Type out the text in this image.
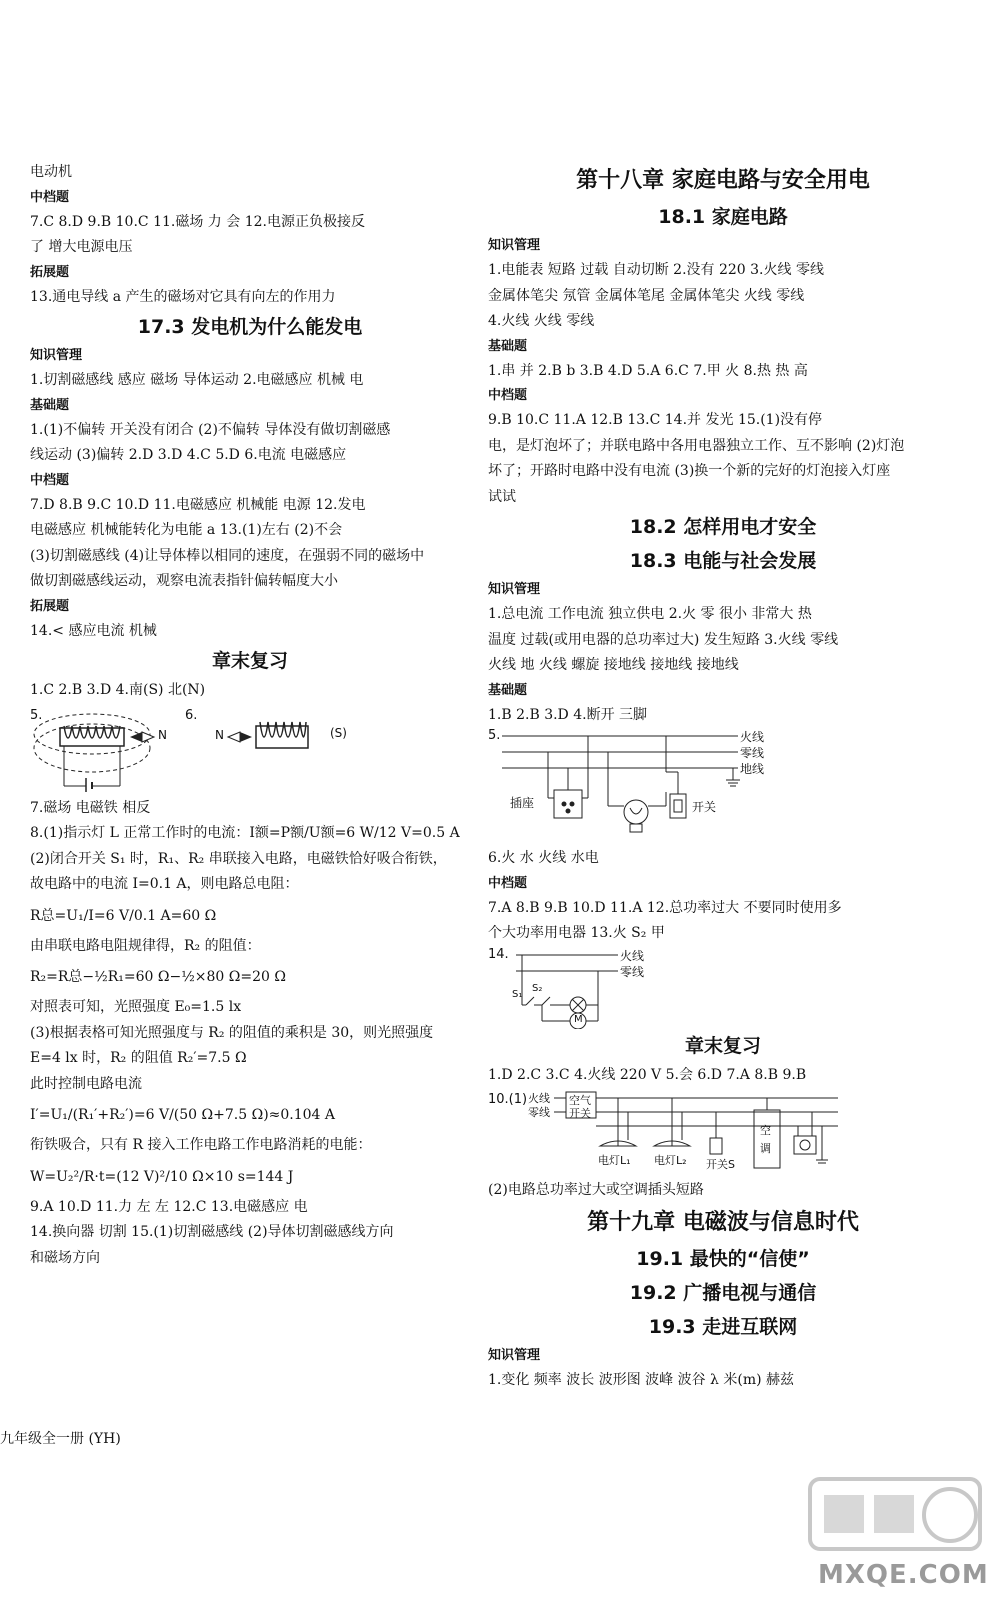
电动机
中档题
7.C 8.D 9.B 10.C 11.磁场 力 会 12.电源正负极接反
了 增大电源电压
拓展题
13.通电导线 a 产生的磁场对它具有向左的作用力
17.3 发电机为什么能发电
知识管理
1.切割磁感线 感应 磁场 导体运动 2.电磁感应 机械 电
基础题
1.(1)不偏转 开关没有闭合 (2)不偏转 导体没有做切割磁感
线运动 (3)偏转 2.D 3.D 4.C 5.D 6.电流 电磁感应
中档题
7.D 8.B 9.C 10.D 11.电磁感应 机械能 电源 12.发电
电磁感应 机械能转化为电能 a 13.(1)左右 (2)不会
(3)切割磁感线 (4)让导体棒以相同的速度，在强弱不同的磁场中
做切割磁感线运动，观察电流表指针偏转幅度大小
拓展题
14.< 感应电流 机械
章末复习
1.C 2.B 3.D 4.南(S) 北(N)
5.
N
6.
N	(S)
7.磁场 电磁铁 相反
8.(1)指示灯 L 正常工作时的电流：I额=P额/U额=6 W/12 V=0.5 A
(2)闭合开关 S₁ 时，R₁、R₂ 串联接入电路，电磁铁恰好吸合衔铁，
故电路中的电流 I=0.1 A，则电路总电阻：
R总=U₁/I=6 V/0.1 A=60 Ω
由串联电路电阻规律得，R₂ 的阻值：
R₂=R总−½R₁=60 Ω−½×80 Ω=20 Ω
对照表可知，光照强度 E₀=1.5 lx
(3)根据表格可知光照强度与 R₂ 的阻值的乘积是 30，则光照强度
E=4 lx 时，R₂ 的阻值 R₂′=7.5 Ω
此时控制电路电流
I′=U₁/(R₁′+R₂′)=6 V/(50 Ω+7.5 Ω)≈0.104 A
衔铁吸合，只有 R 接入工作电路工作电路消耗的电能：
W=U₂²/R·t=(12 V)²/10 Ω×10 s=144 J
9.A 10.D 11.力 左 左 12.C 13.电磁感应 电
14.换向器 切割 15.(1)切割磁感线 (2)导体切割磁感线方向
和磁场方向
第十八章 家庭电路与安全用电
18.1 家庭电路
知识管理
1.电能表 短路 过载 自动切断 2.没有 220 3.火线 零线
金属体笔尖 氖管 金属体笔尾 金属体笔尖 火线 零线
4.火线 火线 零线
基础题
1.串 并 2.B b 3.B 4.D 5.A 6.C 7.甲 火 8.热 热 高
中档题
9.B 10.C 11.A 12.B 13.C 14.并 发光 15.(1)没有停
电，是灯泡坏了；并联电路中各用电器独立工作、互不影响 (2)灯泡
坏了；开路时电路中没有电流 (3)换一个新的完好的灯泡接入灯座
试试
18.2 怎样用电才安全
18.3 电能与社会发展
知识管理
1.总电流 工作电流 独立供电 2.火 零 很小 非常大 热
温度 过载(或用电器的总功率过大) 发生短路 3.火线 零线
火线 地 火线 螺旋 接地线 接地线 接地线
基础题
1.B 2.B 3.D 4.断开 三脚
5.	火线
零线
地线
插座	开关
6.火 水 火线 水电
中档题
7.A 8.B 9.B 10.D 11.A 12.总功率过大 不要同时使用多
个大功率用电器 13.火 S₂ 甲
14.	火线
零线
S₁
S₂
M
章末复习
1.D 2.C 3.C 4.火线 220 V 5.会 6.D 7.A 8.B 9.B
10.(1) 火线
零线
空气
开关
电灯L₁ 电灯L₂ 开关S
空
调
(2)电路总功率过大或空调插头短路
第十九章 电磁波与信息时代
19.1 最快的“信使”
19.2 广播电视与通信
19.3 走进互联网
知识管理
1.变化 频率 波长 波形图 波峰 波谷 λ 米(m) 赫兹
九年级全一册 (YH)
MXQE.COM
